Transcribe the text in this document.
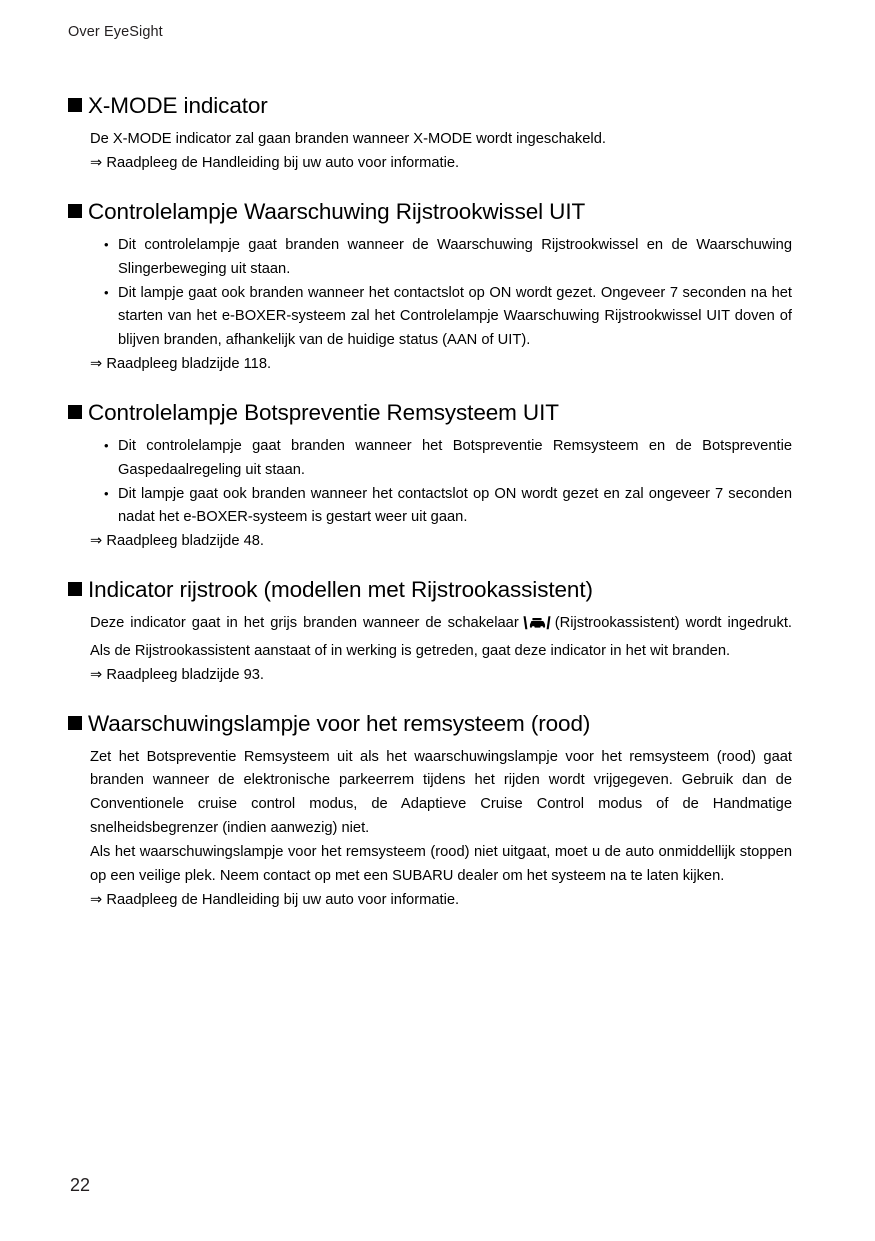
Over EyeSight
X-MODE indicator

De X-MODE indicator zal gaan branden wanneer X-MODE wordt ingeschakeld.

⇒ Raadpleeg de Handleiding bij uw auto voor informatie.

Controlelampje Waarschuwing Rijstrookwissel UIT
• Dit controlelampje gaat branden wanneer de Waarschuwing Rijstrookwissel en de Waarschuwing Slingerbeweging uit staan.
• Dit lampje gaat ook branden wanneer het contactslot op ON wordt gezet. Ongeveer 7 seconden na het starten van het e-BOXER-systeem zal het Controlelampje Waarschuwing Rijstrookwissel UIT doven of blijven branden, afhankelijk van de huidige status (AAN of UIT).

⇒ Raadpleeg bladzijde 118.

Controlelampje Botspreventie Remsysteem UIT
• Dit controlelampje gaat branden wanneer het Botspreventie Remsysteem en de Botspreventie Gaspedaalregeling uit staan.
• Dit lampje gaat ook branden wanneer het contactslot op ON wordt gezet en zal ongeveer 7 seconden nadat het e-BOXER-systeem is gestart weer uit gaan.

⇒ Raadpleeg bladzijde 48.

Indicator rijstrook (modellen met Rijstrookassistent)

Deze indicator gaat in het grijs branden wanneer de schakelaar (Rijstrookassistent) wordt ingedrukt. Als de Rijstrookassistent aanstaat of in werking is getreden, gaat deze indicator in het wit branden.

⇒ Raadpleeg bladzijde 93.

Waarschuwingslampje voor het remsysteem (rood)

Zet het Botspreventie Remsysteem uit als het waarschuwingslampje voor het remsysteem (rood) gaat branden wanneer de elektronische parkeerrem tijdens het rijden wordt vrijgegeven. Gebruik dan de Conventionele cruise control modus, de Adaptieve Cruise Control modus of de Handmatige snelheidsbegrenzer (indien aanwezig) niet.

Als het waarschuwingslampje voor het remsysteem (rood) niet uitgaat, moet u de auto onmiddellijk stoppen op een veilige plek. Neem contact op met een SUBARU dealer om het systeem na te laten kijken.

⇒ Raadpleeg de Handleiding bij uw auto voor informatie.

22
